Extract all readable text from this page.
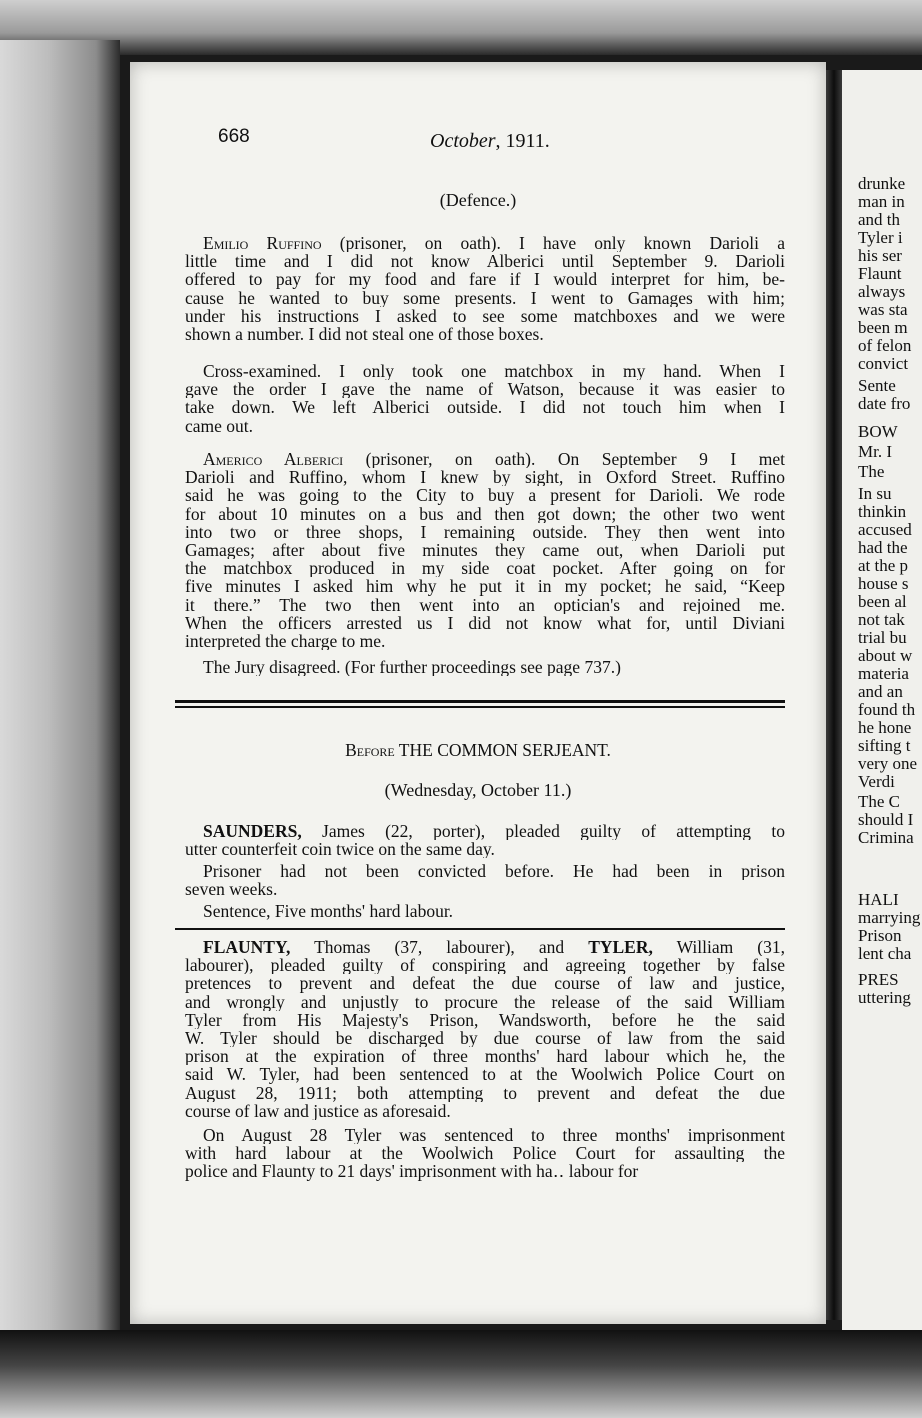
668	October, 1911.
(Defence.)
Emilio Ruffino (prisoner, on oath). I have only known Darioli a
little time and I did not know Alberici until September 9. Darioli
offered to pay for my food and fare if I would interpret for him, be-
cause he wanted to buy some presents. I went to Gamages with him;
under his instructions I asked to see some matchboxes and we were
shown a number. I did not steal one of those boxes.
Cross-examined. I only took one matchbox in my hand. When I
gave the order I gave the name of Watson, because it was easier to
take down. We left Alberici outside. I did not touch him when I
came out.
Americo Alberici (prisoner, on oath). On September 9 I met
Darioli and Ruffino, whom I knew by sight, in Oxford Street. Ruffino
said he was going to the City to buy a present for Darioli. We rode
for about 10 minutes on a bus and then got down; the other two went
into two or three shops, I remaining outside. They then went into
Gamages; after about five minutes they came out, when Darioli put
the matchbox produced in my side coat pocket. After going on for
five minutes I asked him why he put it in my pocket; he said, “Keep
it there.” The two then went into an optician's and rejoined me.
When the officers arrested us I did not know what for, until Diviani
interpreted the charge to me.
The Jury disagreed. (For further proceedings see page 737.)
Before THE COMMON SERJEANT.
(Wednesday, October 11.)
SAUNDERS, James (22, porter), pleaded guilty of attempting to
utter counterfeit coin twice on the same day.
Prisoner had not been convicted before. He had been in prison
seven weeks.
Sentence, Five months' hard labour.
FLAUNTY, Thomas (37, labourer), and TYLER, William (31,
labourer), pleaded guilty of conspiring and agreeing together by false
pretences to prevent and defeat the due course of law and justice,
and wrongly and unjustly to procure the release of the said William
Tyler from His Majesty's Prison, Wandsworth, before he the said
W. Tyler should be discharged by due course of law from the said
prison at the expiration of three months' hard labour which he, the
said W. Tyler, had been sentenced to at the Woolwich Police Court on
August 28, 1911; both attempting to prevent and defeat the due
course of law and justice as aforesaid.
On August 28 Tyler was sentenced to three months' imprisonment
with hard labour at the Woolwich Police Court for assaulting the
police and Flaunty to 21 days' imprisonment with ha․․ labour for
drunke
man in
and th
Tyler i
his ser
Flaunt
always
was sta
been m
of felon
convict
Sente
date fro
BOW
Mr. I
The
In su
thinkin
accused
had the
at the p
house s
been al
not tak
trial bu
about w
materia
and an
found th
he hone
sifting t
very one
Verdi
The C
should I
Crimina
HALI
marrying
Prison
lent cha
PRES
uttering
